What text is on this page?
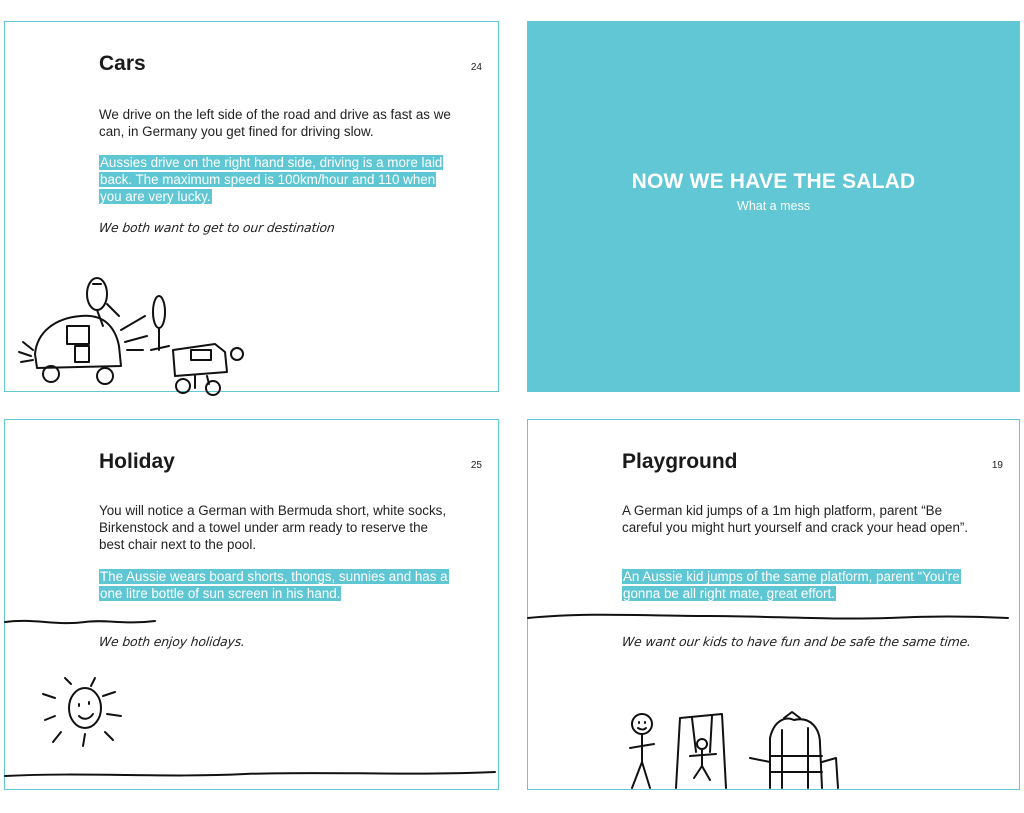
Cars	24

We drive on the left side of the road and drive as fast as we can, in Germany you get fined for driving slow.

Aussies drive on the right hand side, driving is a more laid back. The maximum speed is 100km/hour and 110 when you are very lucky.

We both want to get to our destination
NOW WE HAVE THE SALAD
What a mess
Holiday	25

You will notice a German with Bermuda short, white socks, Birkenstock and a towel under arm ready to reserve the best chair next to the pool.

The Aussie wears board shorts, thongs, sunnies and has a one litre bottle of sun screen in his hand.

We both enjoy holidays.
Playground	19

A German kid jumps of a 1m high platform, parent “Be careful you might hurt yourself and crack your head open”.

An Aussie kid jumps of the same platform, parent “You’re gonna be all right mate, great effort.

We want our kids to have fun and be safe the same time.
